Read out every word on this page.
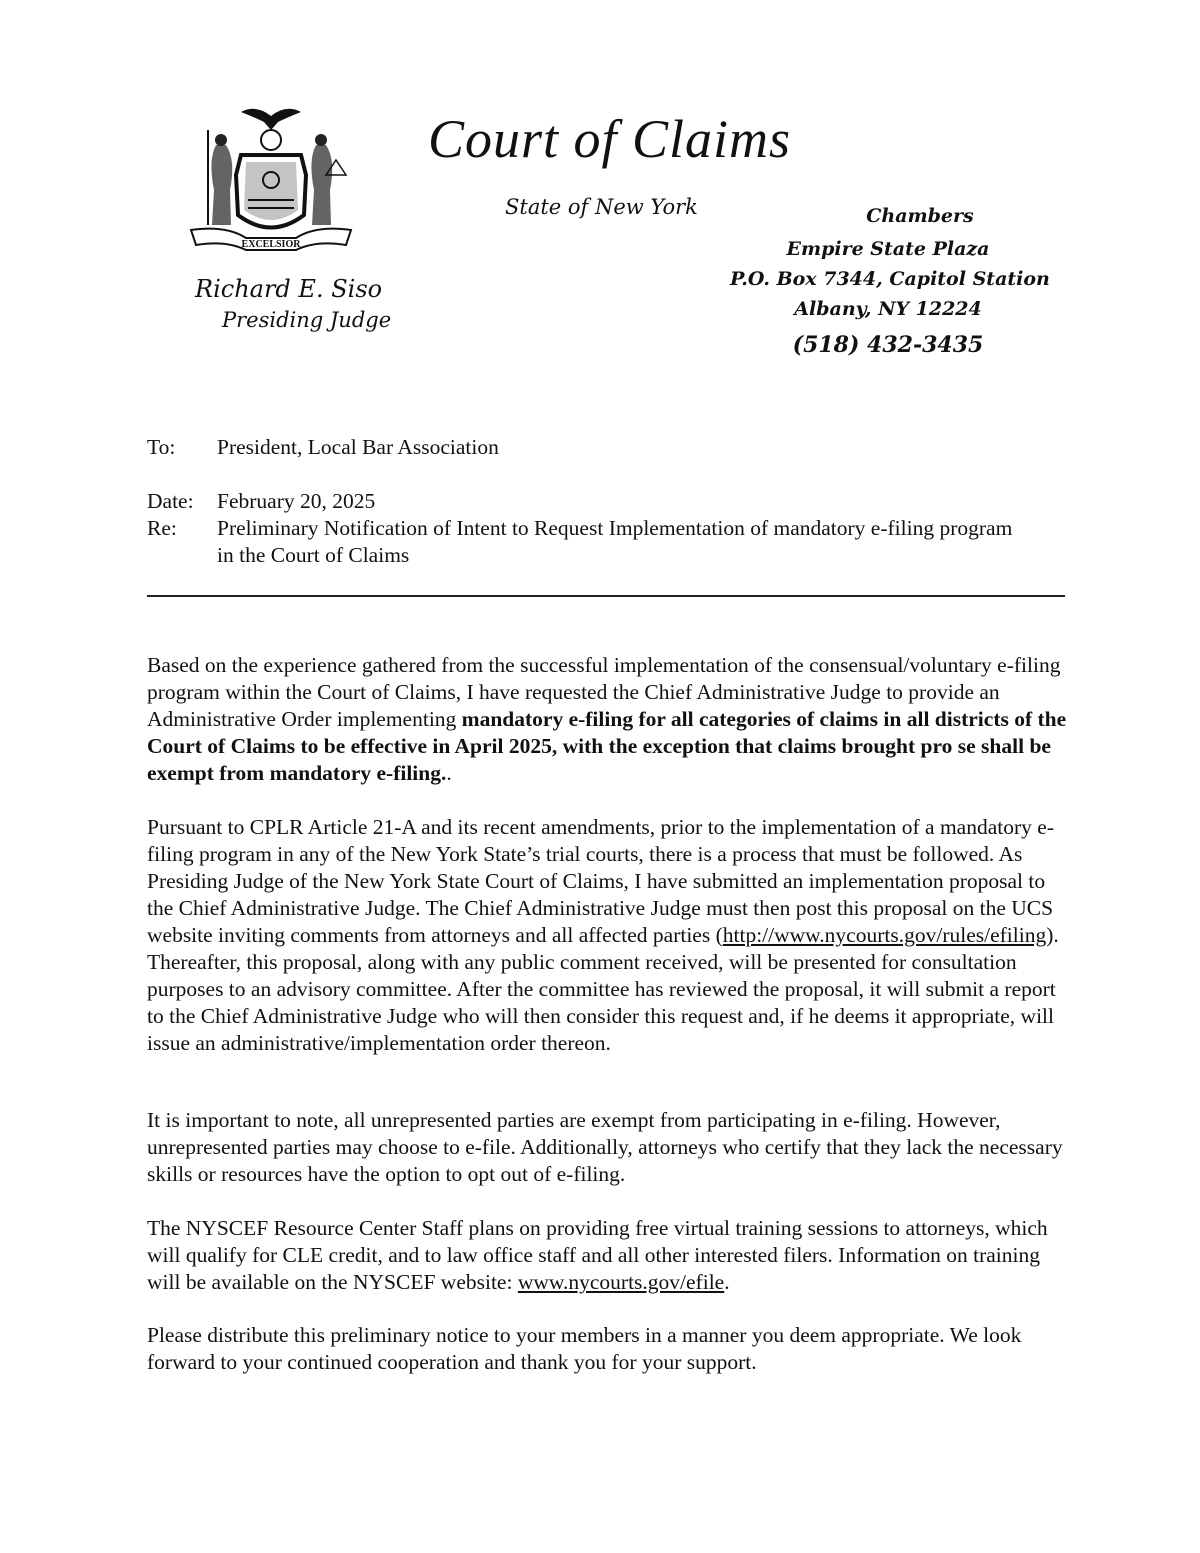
EXCELSIOR
Court of Claims
State of New York
Richard E. Siso
Presiding Judge
Chambers
Empire State Plaza
P.O. Box 7344, Capitol Station
Albany, NY 12224
(518) 432-3435
To: President, Local Bar Association
Date: February 20, 2025
Re: Preliminary Notification of Intent to Request Implementation of mandatory e-filing program in the Court of Claims
Based on the experience gathered from the successful implementation of the consensual/voluntary e-filing program within the Court of Claims, I have requested the Chief Administrative Judge to provide an Administrative Order implementing mandatory e-filing for all categories of claims in all districts of the Court of Claims to be effective in April 2025, with the exception that claims brought pro se shall be exempt from mandatory e-filing..
Pursuant to CPLR Article 21-A and its recent amendments, prior to the implementation of a mandatory e-filing program in any of the New York State’s trial courts, there is a process that must be followed. As Presiding Judge of the New York State Court of Claims, I have submitted an implementation proposal to the Chief Administrative Judge. The Chief Administrative Judge must then post this proposal on the UCS website inviting comments from attorneys and all affected parties (http://www.nycourts.gov/rules/efiling). Thereafter, this proposal, along with any public comment received, will be presented for consultation purposes to an advisory committee. After the committee has reviewed the proposal, it will submit a report to the Chief Administrative Judge who will then consider this request and, if he deems it appropriate, will issue an administrative/implementation order thereon.
It is important to note, all unrepresented parties are exempt from participating in e-filing. However, unrepresented parties may choose to e-file. Additionally, attorneys who certify that they lack the necessary skills or resources have the option to opt out of e-filing.
The NYSCEF Resource Center Staff plans on providing free virtual training sessions to attorneys, which will qualify for CLE credit, and to law office staff and all other interested filers. Information on training will be available on the NYSCEF website: www.nycourts.gov/efile.
Please distribute this preliminary notice to your members in a manner you deem appropriate. We look forward to your continued cooperation and thank you for your support.
